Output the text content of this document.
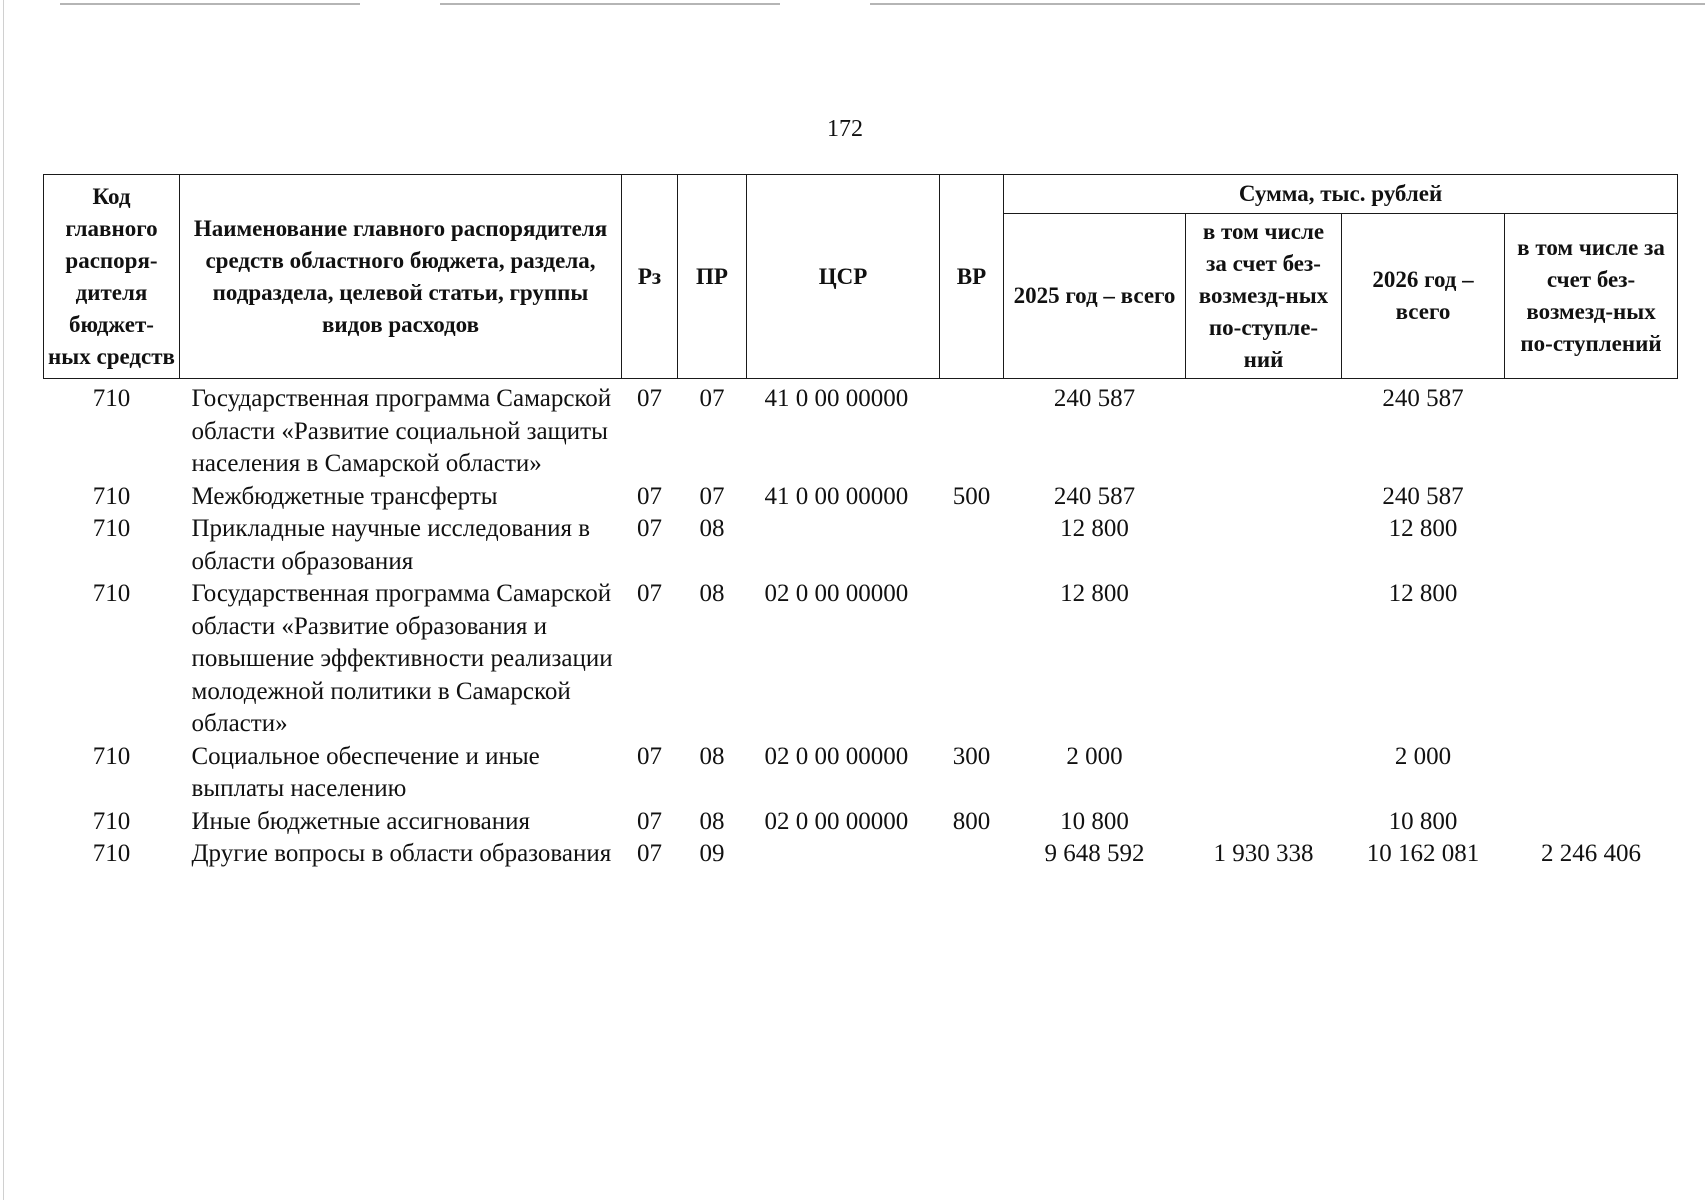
172
Код главного распоря-дителя бюджет-ных средств	Наименование главного распорядителя средств областного бюджета, раздела, подраздела, целевой статьи, группы видов расходов	Рз	ПР	ЦСР	ВР	Сумма, тыс. рублей			
						2025 год – всего	в том числе за счет без-возмезд-ных по-ступле-ний	2026 год – всего	в том числе за счет без-возмезд-ных по-ступлений
710	Государственная программа Самарской области «Развитие социальной защиты населения в Самарской области»	07	07	41 0 00 00000		240 587		240 587	
710	Межбюджетные трансферты	07	07	41 0 00 00000	500	240 587		240 587	
710	Прикладные научные исследования в области образования	07	08			12 800		12 800	
710	Государственная программа Самарской области «Развитие образования и повышение эффективности реализации молодежной политики в Самарской области»	07	08	02 0 00 00000		12 800		12 800	
710	Социальное обеспечение и иные выплаты населению	07	08	02 0 00 00000	300	2 000		2 000	
710	Иные бюджетные ассигнования	07	08	02 0 00 00000	800	10 800		10 800	
710	Другие вопросы в области образования	07	09			9 648 592	1 930 338	10 162 081	2 246 406
